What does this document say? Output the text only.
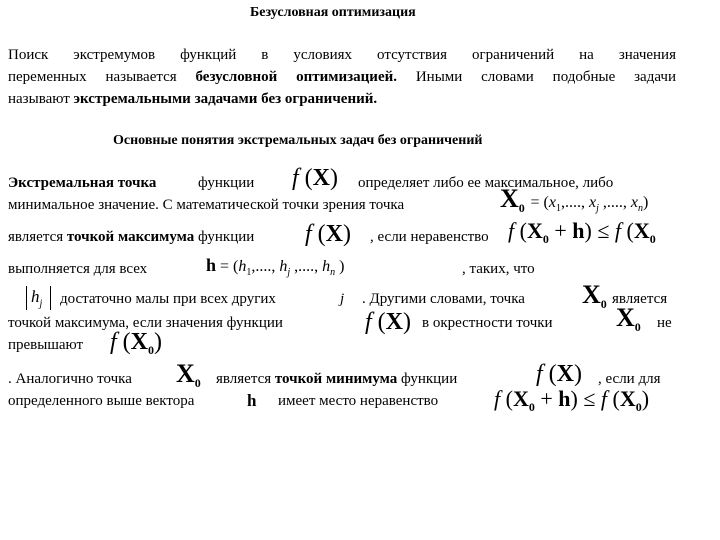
Безусловная оптимизация
Поиск экстремумов функций в условиях отсутствия ограничений на значения
переменных называется безусловной оптимизацией. Иными словами подобные задачи
называют экстремальными задачами без ограничений.
Основные понятия экстремальных задач без ограничений
Экстремальная точка	функции f (X) определяет либо ее максимальное, либо
минимальное значение. С математической точки зрения точка	$X_0 = (x_1$,...., $x_j$ ,...., $x_n$)
является точкой максимума функции f (X) , если неравенство f $(X_0 + h) \le f$ ($X_0$
выполняется для всех	$h = (h_1$,...., $h_j$ ,...., $h_n$ )	, таких, что
$h_j$ достаточно малы при всех других	j . Другими словами, точка $X_0$ является
точкой максимума, если значения функции	f (X) в окрестности точки $X_0$ не
превышают f $(X_0)$
. Аналогично точка $X_0$ является точкой минимума функции	f (X) , если для
определенного выше вектора	h имеет место неравенство	f $(X_0 + h) \le f$ $(X_0)$
